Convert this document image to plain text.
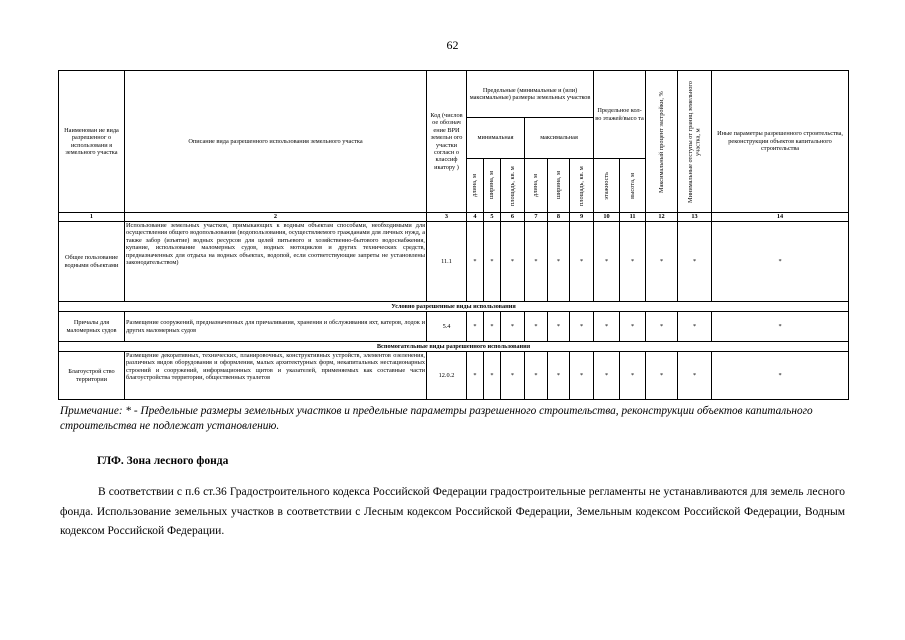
62
Наименован ие вида разрешенног о использовани я земельного участка	Описание вида разрешенного использования земельного участка	Код (числов ое обознач ение ВРИ земельн ого участки согласн о классиф икатору )	Предельные (минимальные и (или) максимальные) размеры земельных участков						Предельное кол-во этажей/высо та		Максимальный процент застройки, %	Минимальные отступы от границ земельного участка, м	Иные параметры разрешенного строительства, реконструкции объектов капитального строительства
			минимальная			максимальная							

			длина, м	ширина, м	площадь, кв. м	длина, м	ширина, м	площадь, кв. м	этажность	высота, м			

1	2	3	4	5	6	7	8	9	10	11	12	13	14
Общее пользование водными объектами	Использование земельных участков, примыкающих к водным объектам способами, необходимыми для осуществления общего водопользования (водопользования, осуществляемого гражданами для личных нужд, а также забор (изъятие) водных ресурсов для целей питьевого и хозяйственно-бытового водоснабжения, купание, использование маломерных судов, водных мотоциклов и других технических средств, предназначенных для отдыха на водных объектах, водопой, если соответствующие запреты не установлены законодательством)	11.1	*	*	*	*	*	*	*	*	*	*	*
Условно разрешенные виды использования													
Причалы для маломерных судов	Размещение сооружений, предназначенных для причаливания, хранения и обслуживания яхт, катеров, лодок и других маломерных судов	5.4	*	*	*	*	*	*	*	*	*	*	*
Вспомогательные виды разрешенного использования													
Благоустрой ство территории	Размещение декоративных, технических, планировочных, конструктивных устройств, элементов озеленения, различных видов оборудования и оформления, малых архитектурных форм, некапитальных нестационарных строений и сооружений, информационных щитов и указателей, применяемых как составные части благоустройства территории, общественных туалетов	12.0.2	*	*	*	*	*	*	*	*	*	*	*
Примечание: * - Предельные размеры земельных участков и предельные параметры разрешенного строительства, реконструкции объектов капитального строительства не подлежат установлению.
ГЛФ. Зона лесного фонда
В соответствии с п.6 ст.36 Градостроительного кодекса Российской Федерации градостроительные регламенты не устанавливаются для земель лесного фонда. Использование земельных участков в соответствии с Лесным кодексом Российской Федерации, Земельным кодексом Российской Федерации, Водным кодексом Российской Федерации.
